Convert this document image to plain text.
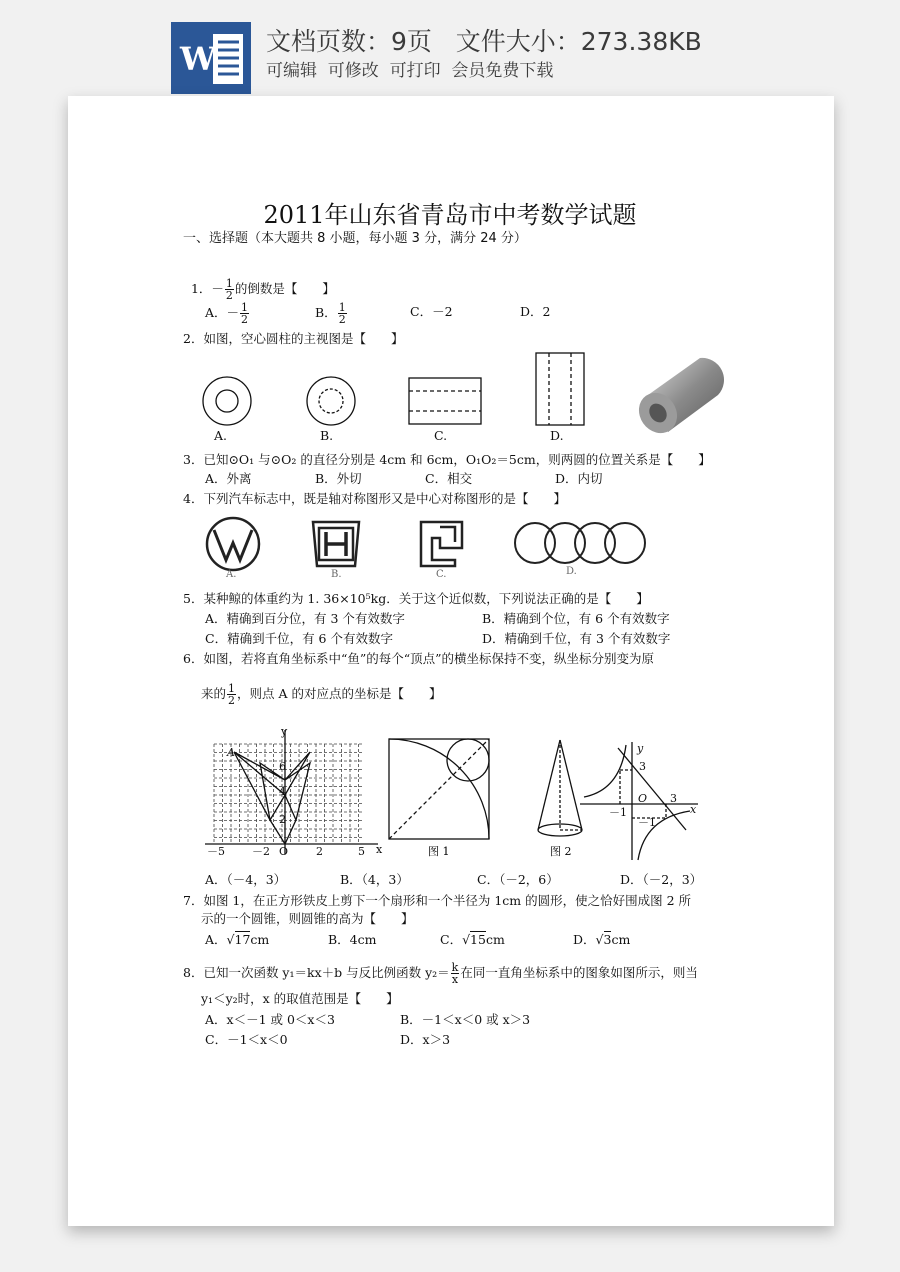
W 文档页数：9页   文件大小：273.38KB
可编辑  可修改  可打印  会员免费下载
2011年山东省青岛市中考数学试题
一、选择题（本大题共 8 小题，每小题 3 分，满分 24 分）

1．－ $\frac{1}{2}$ 的倒数是【　　】

A．－ $\frac{1}{2}$	B． $\frac{1}{2}$	C．－2	D．2
2．如图，空心圆柱的主视图是【　　】
A.	B.	C.	D.
3．已知⊙O₁ 与⊙O₂ 的直径分别是 4cm 和 6cm，O₁O₂＝5cm，则两圆的位置关系是【　　】
A．外离	B．外切	C．相交	D．内切
4．下列汽车标志中，既是轴对称图形又是中心对称图形的是【　　】
A.	B.	C.	D.
5．某种鲸的体重约为 1. 36×10⁵kg．关于这个近似数，下列说法正确的是【　　】
A．精确到百分位，有 3 个有效数字	B．精确到个位，有 6 个有效数字
C．精确到千位，有 6 个有效数字	D．精确到千位，有 3 个有效数字
6．如图，若将直角坐标系中“鱼”的每个“顶点”的横坐标保持不变，纵坐标分别变为原
来的 $\frac{1}{2}$ ，则点 A 的对应点的坐标是【　　】
y
x
A
6
4
2
O
－5 －2	2	5	图 1	图 2
y
x
3
O 3
－1
－1
A．（－4，3）	B．（4，3）	C．（－2，6）	D．（－2，3）
7．如图 1，在正方形铁皮上剪下一个扇形和一个半径为 1cm 的圆形，使之恰好围成图 2 所
示的一个圆锥，则圆锥的高为【　　】
A．√17cm	B．4cm	C．√15cm	D．√3cm
8．已知一次函数 y₁＝kx＋b 与反比例函数 $y_2= \frac{k}{x}$ 在同一直角坐标系中的图象如图所示，则当
y₁＜y₂时，x 的取值范围是【　　】
A．x＜－1 或 0＜x＜3	B．－1＜x＜0 或 x＞3
C．－1＜x＜0	D．x＞3
